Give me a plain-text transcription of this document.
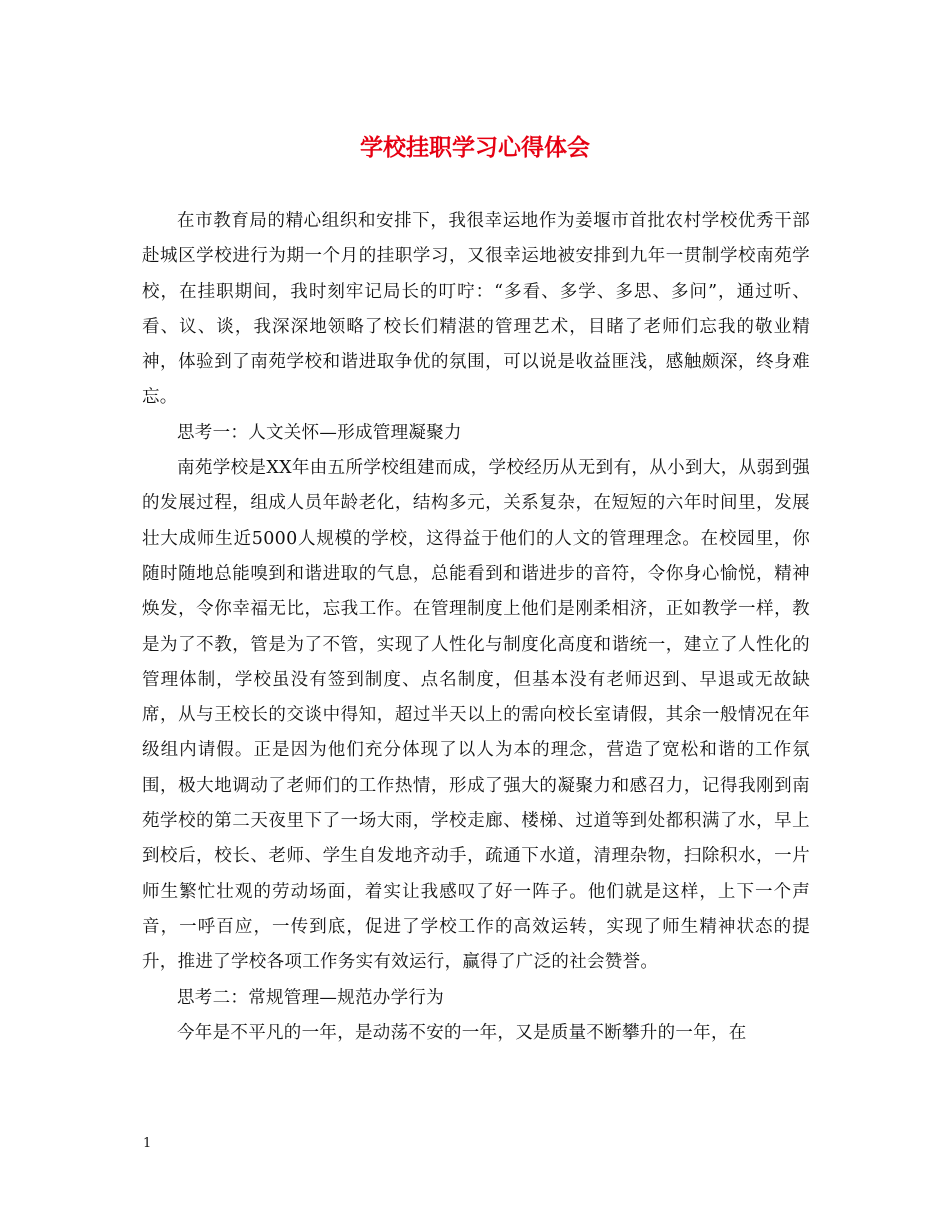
学校挂职学习心得体会

在市教育局的精心组织和安排下，我很幸运地作为姜堰市首批农村学校优秀干部赴城区学校进行为期一个月的挂职学习，又很幸运地被安排到九年一贯制学校南苑学校，在挂职期间，我时刻牢记局长的叮咛：“多看、多学、多思、多问”，通过听、看、议、谈，我深深地领略了校长们精湛的管理艺术，目睹了老师们忘我的敬业精神，体验到了南苑学校和谐进取争优的氛围，可以说是收益匪浅，感触颇深，终身难忘。

思考一：人文关怀—形成管理凝聚力

南苑学校是XX年由五所学校组建而成，学校经历从无到有，从小到大，从弱到强的发展过程，组成人员年龄老化，结构多元，关系复杂，在短短的六年时间里，发展壮大成师生近5000人规模的学校，这得益于他们的人文的管理理念。在校园里，你随时随地总能嗅到和谐进取的气息，总能看到和谐进步的音符，令你身心愉悦，精神焕发，令你幸福无比，忘我工作。在管理制度上他们是刚柔相济，正如教学一样，教是为了不教，管是为了不管，实现了人性化与制度化高度和谐统一，建立了人性化的管理体制，学校虽没有签到制度、点名制度，但基本没有老师迟到、早退或无故缺席，从与王校长的交谈中得知，超过半天以上的需向校长室请假，其余一般情况在年级组内请假。正是因为他们充分体现了以人为本的理念，营造了宽松和谐的工作氛围，极大地调动了老师们的工作热情，形成了强大的凝聚力和感召力，记得我刚到南苑学校的第二天夜里下了一场大雨，学校走廊、楼梯、过道等到处都积满了水，早上到校后，校长、老师、学生自发地齐动手，疏通下水道，清理杂物，扫除积水，一片师生繁忙壮观的劳动场面，着实让我感叹了好一阵子。他们就是这样，上下一个声音，一呼百应，一传到底，促进了学校工作的高效运转，实现了师生精神状态的提升，推进了学校各项工作务实有效运行，赢得了广泛的社会赞誉。

思考二：常规管理—规范办学行为

今年是不平凡的一年，是动荡不安的一年，又是质量不断攀升的一年，在

1
